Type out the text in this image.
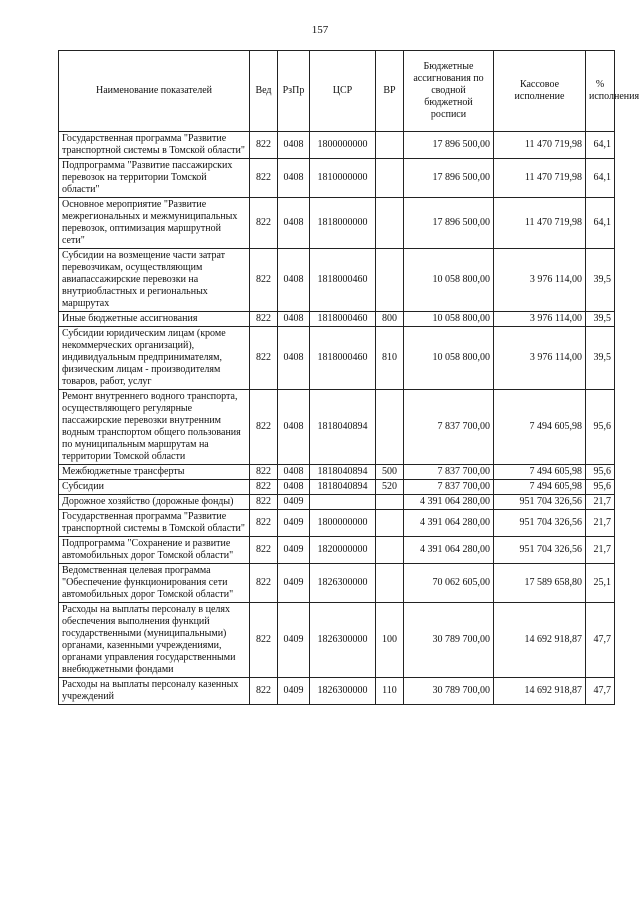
157
Наименование показателей	Вед	РзПр	ЦСР	ВР	Бюджетные ассигнования по сводной бюджетной росписи	Кассовое исполнение	% исполнения
Государственная программа "Развитие транспортной системы в Томской области"	822	0408	1800000000		17 896 500,00	11 470 719,98	64,1
Подпрограмма "Развитие пассажирских перевозок на территории Томской области"	822	0408	1810000000		17 896 500,00	11 470 719,98	64,1
Основное мероприятие "Развитие межрегиональных и межмуниципальных перевозок, оптимизация маршрутной сети"	822	0408	1818000000		17 896 500,00	11 470 719,98	64,1
Субсидии на возмещение части затрат перевозчикам, осуществляющим авиапассажирские перевозки на внутриобластных и региональных маршрутах	822	0408	1818000460		10 058 800,00	3 976 114,00	39,5
Иные бюджетные ассигнования	822	0408	1818000460	800	10 058 800,00	3 976 114,00	39,5
Субсидии юридическим лицам (кроме некоммерческих организаций), индивидуальным предпринимателям, физическим лицам - производителям товаров, работ, услуг	822	0408	1818000460	810	10 058 800,00	3 976 114,00	39,5
Ремонт внутреннего водного транспорта, осуществляющего регулярные пассажирские перевозки внутренним водным транспортом общего пользования по муниципальным маршрутам на территории Томской области	822	0408	1818040894		7 837 700,00	7 494 605,98	95,6
Межбюджетные трансферты	822	0408	1818040894	500	7 837 700,00	7 494 605,98	95,6
Субсидии	822	0408	1818040894	520	7 837 700,00	7 494 605,98	95,6
Дорожное хозяйство (дорожные фонды)	822	0409			4 391 064 280,00	951 704 326,56	21,7
Государственная программа "Развитие транспортной системы в Томской области"	822	0409	1800000000		4 391 064 280,00	951 704 326,56	21,7
Подпрограмма "Сохранение и развитие автомобильных дорог Томской области"	822	0409	1820000000		4 391 064 280,00	951 704 326,56	21,7
Ведомственная целевая программа "Обеспечение функционирования сети автомобильных дорог Томской области"	822	0409	1826300000		70 062 605,00	17 589 658,80	25,1
Расходы на выплаты персоналу в целях обеспечения выполнения функций государственными (муниципальными) органами, казенными учреждениями, органами управления государственными внебюджетными фондами	822	0409	1826300000	100	30 789 700,00	14 692 918,87	47,7
Расходы на выплаты персоналу казенных учреждений	822	0409	1826300000	110	30 789 700,00	14 692 918,87	47,7
